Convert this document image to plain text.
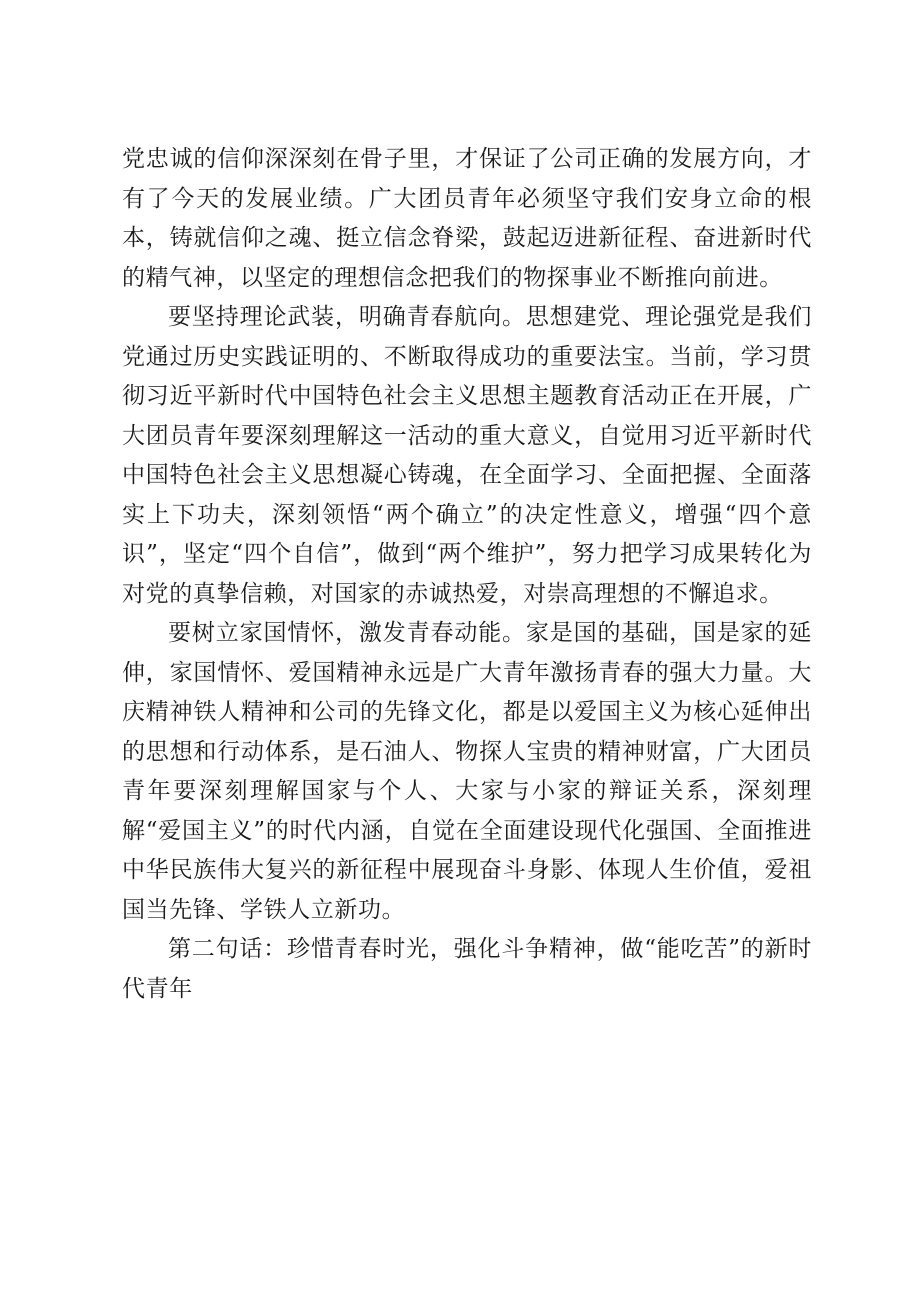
党忠诚的信仰深深刻在骨子里，才保证了公司正确的发展方向，才有了今天的发展业绩。广大团员青年必须坚守我们安身立命的根本，铸就信仰之魂、挺立信念脊梁，鼓起迈进新征程、奋进新时代的精气神，以坚定的理想信念把我们的物探事业不断推向前进。

要坚持理论武装，明确青春航向。思想建党、理论强党是我们党通过历史实践证明的、不断取得成功的重要法宝。当前，学习贯彻习近平新时代中国特色社会主义思想主题教育活动正在开展，广大团员青年要深刻理解这一活动的重大意义，自觉用习近平新时代中国特色社会主义思想凝心铸魂，在全面学习、全面把握、全面落实上下功夫，深刻领悟“两个确立”的决定性意义，增强“四个意识”，坚定“四个自信”，做到“两个维护”，努力把学习成果转化为对党的真挚信赖，对国家的赤诚热爱，对崇高理想的不懈追求。

要树立家国情怀，激发青春动能。家是国的基础，国是家的延伸，家国情怀、爱国精神永远是广大青年激扬青春的强大力量。大庆精神铁人精神和公司的先锋文化，都是以爱国主义为核心延伸出的思想和行动体系，是石油人、物探人宝贵的精神财富，广大团员青年要深刻理解国家与个人、大家与小家的辩证关系，深刻理解“爱国主义”的时代内涵，自觉在全面建设现代化强国、全面推进中华民族伟大复兴的新征程中展现奋斗身影、体现人生价值，爱祖国当先锋、学铁人立新功。

第二句话：珍惜青春时光，强化斗争精神，做“能吃苦”的新时代青年
